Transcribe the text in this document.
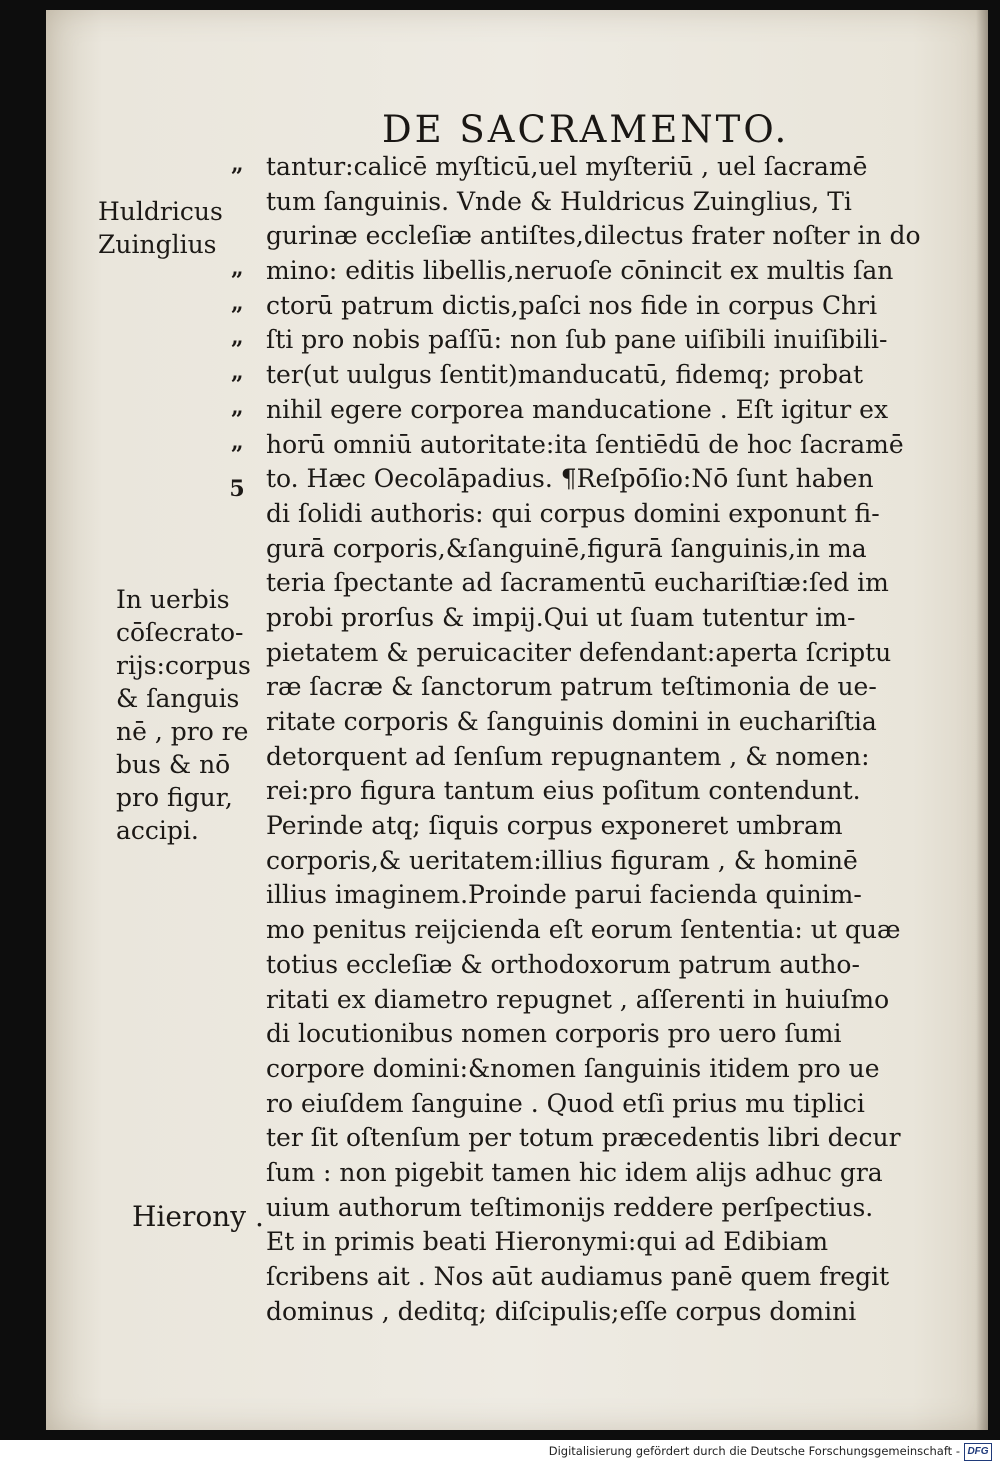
DE SACRAMENTO.
”
”
”
”
”
”
”
5
Huldricus
Zuinglius
In uerbis
cōſecrato-
rijs:corpus
& ſanguis
nē , pro re
bus & nō
pro figur,
accipi.
Hierony .
tantur:calicē myſticū,uel myſteriū , uel ſacramē
tum ſanguinis. Vnde & Huldricus Zuinglius, Ti
gurinæ eccleſiæ antiſtes,dilectus frater noſter in do
mino: editis libellis,neruoſe cōnincit ex multis ſan
ctorū patrum dictis,paſci nos fide in corpus Chri
ſti pro nobis paſſū: non ſub pane uiſibili inuiſibili-
ter(ut uulgus ſentit)manducatū, fidemq; probat
nihil egere corporea manducatione . Eſt igitur ex
horū omniū autoritate:ita ſentiēdū de hoc ſacramē
to. Hæc Oecolāpadius. ¶Reſpōſio:Nō ſunt haben
di ſolidi authoris: qui corpus domini exponunt fi-
gurā corporis,&ſanguinē,figurā ſanguinis,in ma
teria ſpectante ad ſacramentū euchariſtiæ:ſed im
probi prorſus & impij.Qui ut ſuam tutentur im-
pietatem & peruicaciter defendant:aperta ſcriptu
ræ ſacræ & ſanctorum patrum teſtimonia de ue-
ritate corporis & ſanguinis domini in euchariſtia
detorquent ad ſenſum repugnantem , & nomen:
rei:pro figura tantum eius poſitum contendunt.
Perinde atq; ſiquis corpus exponeret umbram
corporis,& ueritatem:illius figuram , & hominē
illius imaginem.Proinde parui facienda quinim-
mo penitus reijcienda eſt eorum ſententia: ut quæ
totius eccleſiæ & orthodoxorum patrum autho-
ritati ex diametro repugnet , aſſerenti in huiuſmo
di locutionibus nomen corporis pro uero ſumi
corpore domini:&nomen ſanguinis itidem pro ue
ro eiuſdem ſanguine . Quod etſi prius mu tiplici
ter ſit oſtenſum per totum præcedentis libri decur
ſum : non pigebit tamen hic idem alijs adhuc gra
uium authorum teſtimonijs reddere perſpectius.
Et in primis beati Hieronymi:qui ad Edibiam
ſcribens ait . Nos aūt audiamus panē quem fregit
dominus , deditq; diſcipulis;eſſe corpus domini
Digitalisierung gefördert durch die Deutsche Forschungsgemeinschaft - DFG
